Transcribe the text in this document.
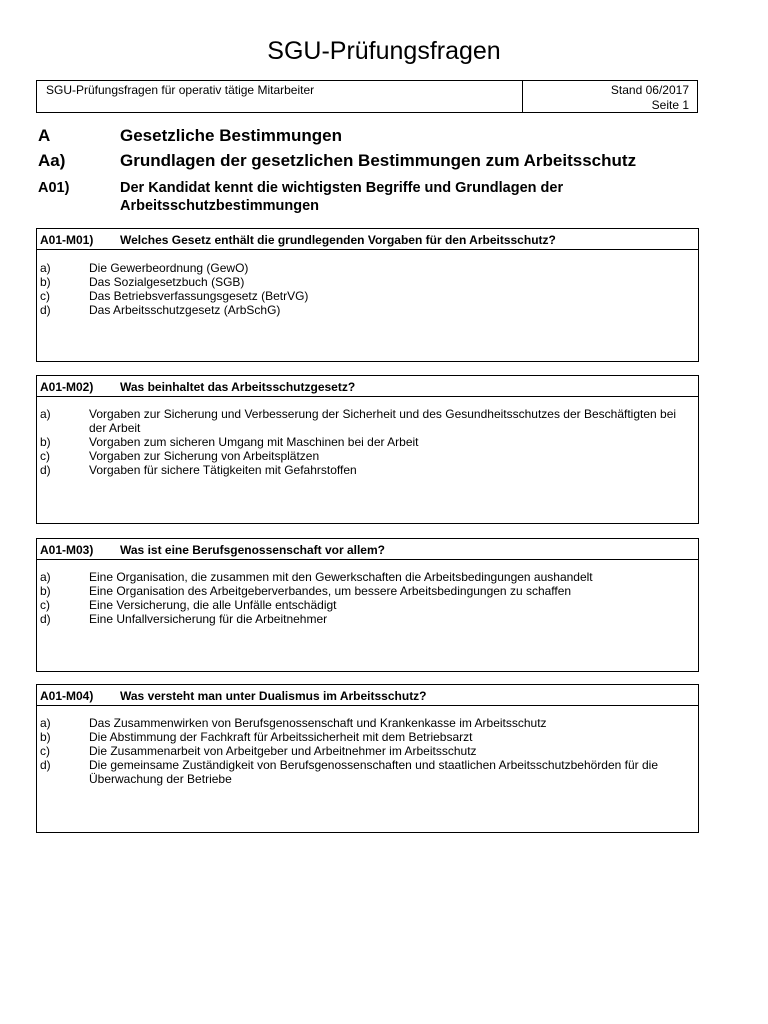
SGU-Prüfungsfragen
SGU-Prüfungsfragen für operativ tätige Mitarbeiter	Stand 06/2017
Seite 1
A	Gesetzliche Bestimmungen
Aa)	Grundlagen der gesetzlichen Bestimmungen zum Arbeitsschutz
A01)	Der Kandidat kennt die wichtigsten Begriffe und Grundlagen der Arbeitsschutzbestimmungen
A01-M01) Welches Gesetz enthält die grundlegenden Vorgaben für den Arbeitsschutz?
a)	Die Gewerbeordnung (GewO)
b)	Das Sozialgesetzbuch (SGB)
c)	Das Betriebsverfassungsgesetz (BetrVG)
d)	Das Arbeitsschutzgesetz (ArbSchG)
A01-M02) Was beinhaltet das Arbeitsschutzgesetz?
a)	Vorgaben zur Sicherung und Verbesserung der Sicherheit und des Gesundheitsschutzes der Beschäftigten bei der Arbeit
b)	Vorgaben zum sicheren Umgang mit Maschinen bei der Arbeit
c)	Vorgaben zur Sicherung von Arbeitsplätzen
d)	Vorgaben für sichere Tätigkeiten mit Gefahrstoffen
A01-M03) Was ist eine Berufsgenossenschaft vor allem?
a)	Eine Organisation, die zusammen mit den Gewerkschaften die Arbeitsbedingungen aushandelt
b)	Eine Organisation des Arbeitgeberverbandes, um bessere Arbeitsbedingungen zu schaffen
c)	Eine Versicherung, die alle Unfälle entschädigt
d)	Eine Unfallversicherung für die Arbeitnehmer
A01-M04) Was versteht man unter Dualismus im Arbeitsschutz?
a)	Das Zusammenwirken von Berufsgenossenschaft und Krankenkasse im Arbeitsschutz
b)	Die Abstimmung der Fachkraft für Arbeitssicherheit mit dem Betriebsarzt
c)	Die Zusammenarbeit von Arbeitgeber und Arbeitnehmer im Arbeitsschutz
d)	Die gemeinsame Zuständigkeit von Berufsgenossenschaften und staatlichen Arbeitsschutzbehörden für die Überwachung der Betriebe
